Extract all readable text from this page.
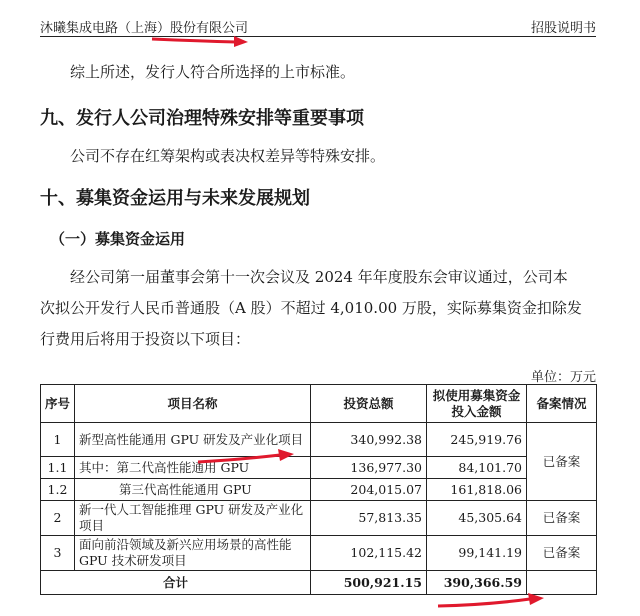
沐曦集成电路（上海）股份有限公司	招股说明书
综上所述，发行人符合所选择的上市标准。
九、发行人公司治理特殊安排等重要事项
公司不存在红筹架构或表决权差异等特殊安排。
十、募集资金运用与未来发展规划
（一）募集资金运用
经公司第一届董事会第十一次会议及 2024 年年度股东会审议通过，公司本
次拟公开发行人民币普通股（A 股）不超过 4,010.00 万股，实际募集资金扣除发
行费用后将用于投资以下项目：
单位：万元
序号	项目名称	投资总额	拟使用募集资金投入金额	备案情况
1	新型高性能通用 GPU 研发及产业化项目	340,992.38	245,919.76	已备案
1.1	其中：第二代高性能通用 GPU	136,977.30	84,101.70	
1.2	第三代高性能通用 GPU	204,015.07	161,818.06	
2	新一代人工智能推理 GPU 研发及产业化项目	57,813.35	45,305.64	已备案
3	面向前沿领域及新兴应用场景的高性能 GPU 技术研发项目	102,115.42	99,141.19	已备案
合计		500,921.15	390,366.59	
